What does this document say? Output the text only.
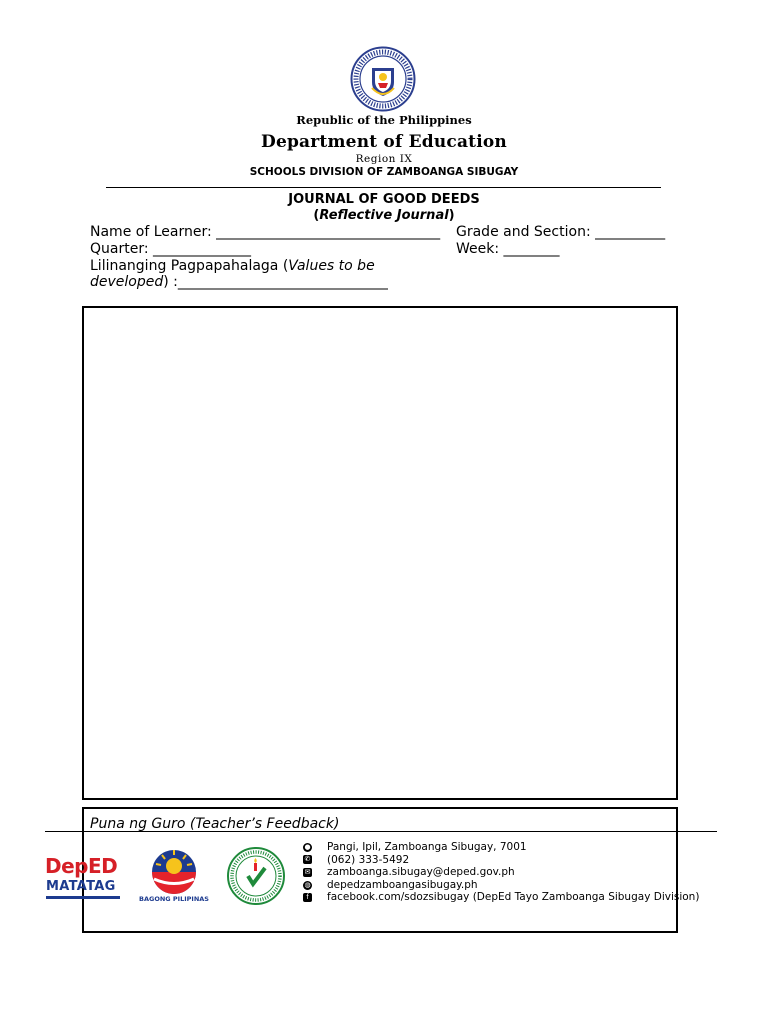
Republic of the Philippines
Department of Education
Region IX
SCHOOLS DIVISION OF ZAMBOANGA SIBUGAY
JOURNAL OF GOOD DEEDS
(Reflective Journal)
Name of Learner: ________________________________ Grade and Section: __________
Quarter: ______________	Week: ________
Lilinanging Pagpapahalaga (Values to be
developed) :______________________________
Puna ng Guro (Teacher’s Feedback)
DepED
MATATAG
BAGONG PILIPINAS
● Pangi, Ipil, Zamboanga Sibugay, 7001
✆ (062) 333-5492
✉ zamboanga.sibugay@deped.gov.ph
◍ depedzamboangasibugay.ph
f	facebook.com/sdozsibugay (DepEd Tayo Zamboanga Sibugay Division)
